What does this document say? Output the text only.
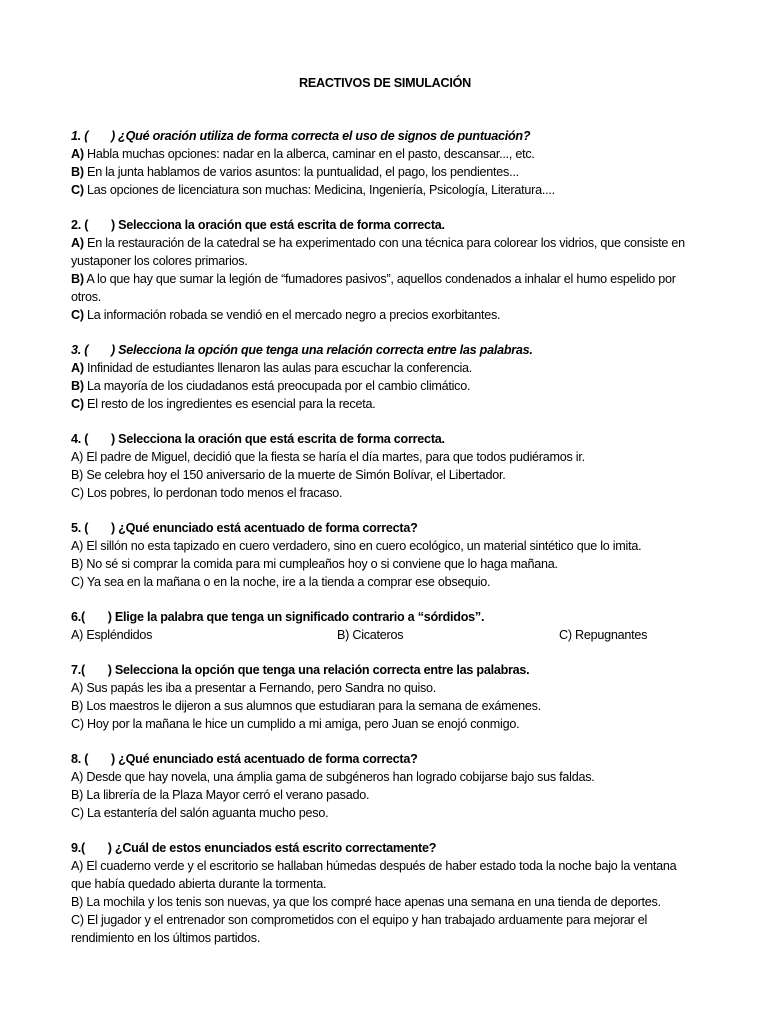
REACTIVOS DE SIMULACIÓN
1. (       ) ¿Qué oración utiliza de forma correcta el uso de signos de puntuación?
A) Habla muchas opciones: nadar en la alberca, caminar en el pasto, descansar..., etc.
B) En la junta hablamos de varios asuntos: la puntualidad, el pago, los pendientes...
C) Las opciones de licenciatura son muchas: Medicina, Ingeniería, Psicología, Literatura....
2. (       ) Selecciona la oración que está escrita de forma correcta.
A) En la restauración de la catedral se ha experimentado con una técnica para colorear los vidrios, que consiste en yustaponer los colores primarios.
B) A lo que hay que sumar la legión de “fumadores pasivos”, aquellos condenados a inhalar el humo espelido por otros.
C) La información robada se vendió en el mercado negro a precios exorbitantes.
3. (       ) Selecciona la opción que tenga una relación correcta entre las palabras.
A) Infinidad de estudiantes llenaron las aulas para escuchar la conferencia.
B) La mayoría de los ciudadanos está preocupada por el cambio climático.
C) El resto de los ingredientes es esencial para la receta.
4. (       ) Selecciona la oración que está escrita de forma correcta.
A) El padre de Miguel, decidió que la fiesta se haría el día martes, para que todos pudiéramos ir.
B) Se celebra hoy el 150 aniversario de la muerte de Simón Bolívar, el Libertador.
C) Los pobres, lo perdonan todo menos el fracaso.
5. (       ) ¿Qué enunciado está acentuado de forma correcta?
A) El sillón no esta tapizado en cuero verdadero, sino en cuero ecológico, un material sintético que lo imita.
B) No sé si comprar la comida para mi cumpleaños hoy o si conviene que lo haga mañana.
C) Ya sea en la mañana o en la noche, ire a la tienda a comprar ese obsequio.
6.(       ) Elige la palabra que tenga un significado contrario a “sórdidos”.
A) Espléndidos	B) Cicateros	C) Repugnantes
7.(       ) Selecciona la opción que tenga una relación correcta entre las palabras.
A) Sus papás les iba a presentar a Fernando, pero Sandra no quiso.
B) Los maestros le dijeron a sus alumnos que estudiaran para la semana de exámenes.
C) Hoy por la mañana le hice un cumplido a mi amiga, pero Juan se enojó conmigo.
8. (       ) ¿Qué enunciado está acentuado de forma correcta?
A) Desde que hay novela, una ámplia gama de subgéneros han logrado cobijarse bajo sus faldas.
B) La librería de la Plaza Mayor cerró el verano pasado.
C) La estantería del salón aguanta mucho peso.
9.(       ) ¿Cuál de estos enunciados está escrito correctamente?
A) El cuaderno verde y el escritorio se hallaban húmedas después de haber estado toda la noche bajo la ventana que había quedado abierta durante la tormenta.
B) La mochila y los tenis son nuevas, ya que los compré hace apenas una semana en una tienda de deportes.
C) El jugador y el entrenador son comprometidos con el equipo y han trabajado arduamente para mejorar el rendimiento en los últimos partidos.
